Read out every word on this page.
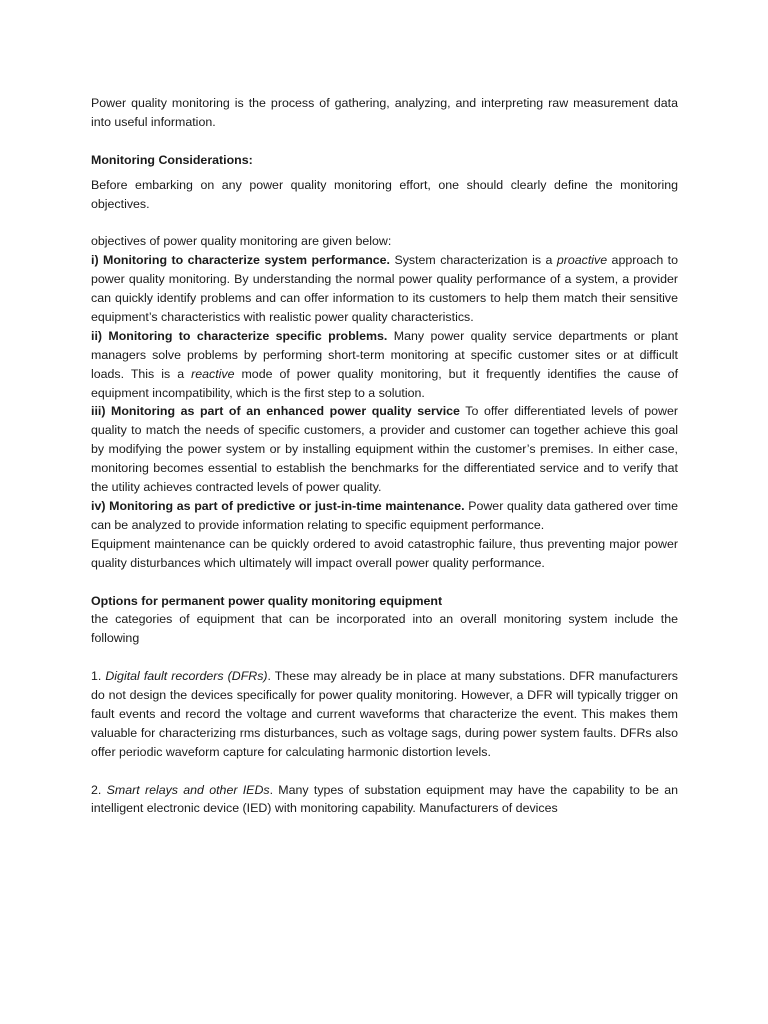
Power quality monitoring is the process of gathering, analyzing, and interpreting raw measurement data into useful information.

Monitoring Considerations:

Before embarking on any power quality monitoring effort, one should clearly define the monitoring objectives.

objectives of power quality monitoring are given below:

i) Monitoring to characterize system performance. System characterization is a proactive approach to power quality monitoring. By understanding the normal power quality performance of a system, a provider can quickly identify problems and can offer information to its customers to help them match their sensitive equipment’s characteristics with realistic power quality characteristics.

ii) Monitoring to characterize specific problems. Many power quality service departments or plant managers solve problems by performing short-term monitoring at specific customer sites or at difficult loads. This is a reactive mode of power quality monitoring, but it frequently identifies the cause of equipment incompatibility, which is the first step to a solution.

iii) Monitoring as part of an enhanced power quality service To offer differentiated levels of power quality to match the needs of specific customers, a provider and customer can together achieve this goal by modifying the power system or by installing equipment within the customer’s premises. In either case, monitoring becomes essential to establish the benchmarks for the differentiated service and to verify that the utility achieves contracted levels of power quality.

iv) Monitoring as part of predictive or just-in-time maintenance. Power quality data gathered over time can be analyzed to provide information relating to specific equipment performance.

Equipment maintenance can be quickly ordered to avoid catastrophic failure, thus preventing major power quality disturbances which ultimately will impact overall power quality performance.

Options for permanent power quality monitoring equipment

the categories of equipment that can be incorporated into an overall monitoring system include the following

1. Digital fault recorders (DFRs). These may already be in place at many substations. DFR manufacturers do not design the devices specifically for power quality monitoring. However, a DFR will typically trigger on fault events and record the voltage and current waveforms that characterize the event. This makes them valuable for characterizing rms disturbances, such as voltage sags, during power system faults. DFRs also offer periodic waveform capture for calculating harmonic distortion levels.

2. Smart relays and other IEDs. Many types of substation equipment may have the capability to be an intelligent electronic device (IED) with monitoring capability. Manufacturers of devices
